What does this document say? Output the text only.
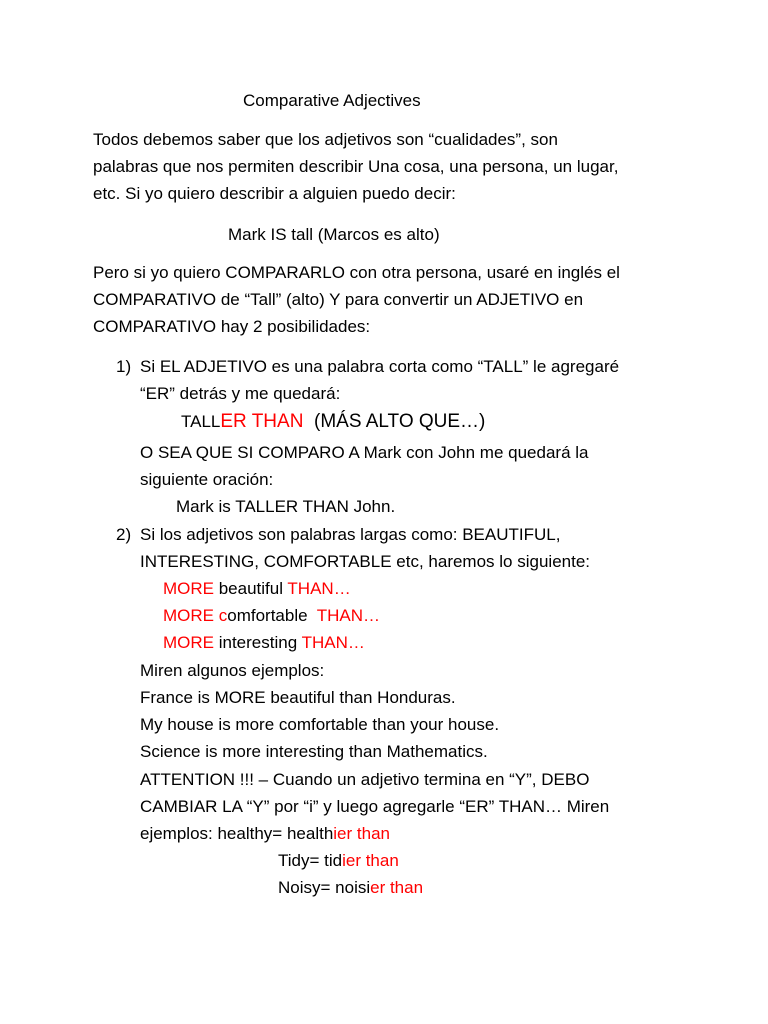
Comparative Adjectives
Todos debemos saber que los adjetivos son “cualidades”, son
palabras que nos permiten describir Una cosa, una persona, un lugar,
etc. Si yo quiero describir a alguien puedo decir:
Mark IS tall (Marcos es alto)
Pero si yo quiero COMPARARLO con otra persona, usaré en inglés el
COMPARATIVO de “Tall” (alto) Y para convertir un ADJETIVO en
COMPARATIVO hay 2 posibilidades:
1) Si EL ADJETIVO es una palabra corta como “TALL” le agregaré
“ER” detrás y me quedará:
TALLER THAN (MÁS ALTO QUE…)
O SEA QUE SI COMPARO A Mark con John me quedará la
siguiente oración:
Mark is TALLER THAN John.
2) Si los adjetivos son palabras largas como: BEAUTIFUL,
INTERESTING, COMFORTABLE etc, haremos lo siguiente:
MORE beautiful THAN…
MORE comfortable  THAN…
MORE interesting THAN…
Miren algunos ejemplos:
France is MORE beautiful than Honduras.
My house is more comfortable than your house.
Science is more interesting than Mathematics.
ATTENTION !!! – Cuando un adjetivo termina en “Y”, DEBO
CAMBIAR LA “Y” por “i” y luego agregarle “ER” THAN… Miren
ejemplos: healthy= healthier than
Tidy= tidier than
Noisy= noisier than
